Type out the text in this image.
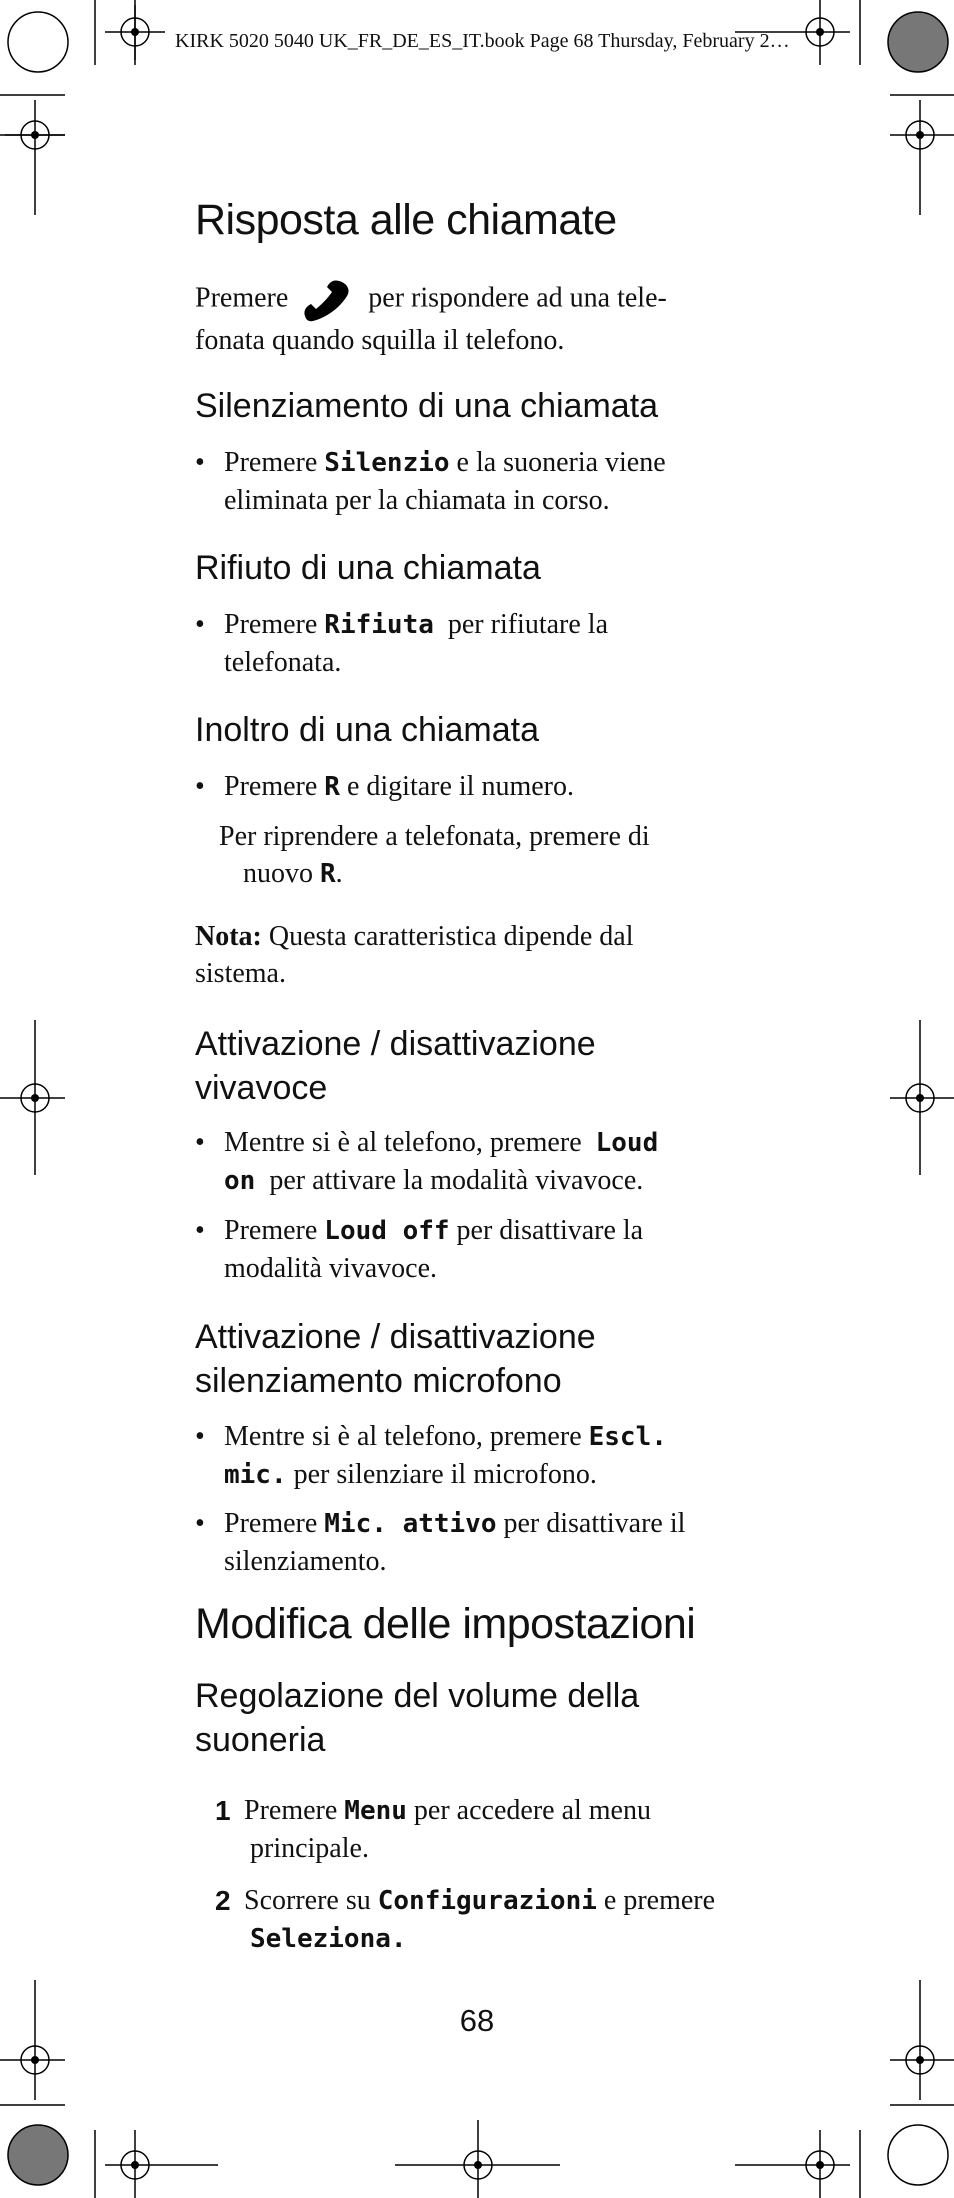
KIRK 5020 5040 UK_FR_DE_ES_IT.book Page 68 Thursday, February 2…
Risposta alle chiamate

Premere	per rispondere ad una tele-
fonata quando squilla il telefono.

Silenziamento di una chiamata
• Premere Silenzio e la suoneria viene
eliminata per la chiamata in corso.
Rifiuto di una chiamata
• Premere Rifiuta per rifiutare la
telefonata.
Inoltro di una chiamata
• Premere R e digitare il numero.

Per riprendere a telefonata, premere di
nuovo R.

Nota: Questa caratteristica dipende dal
sistema.

Attivazione / disattivazione
vivavoce
• Mentre si è al telefono, premere Loud
on per attivare la modalità vivavoce.
• Premere Loud off per disattivare la
modalità vivavoce.
Attivazione / disattivazione
silenziamento microfono
• Mentre si è al telefono, premere Escl.
mic. per silenziare il microfono.
• Premere Mic. attivo per disattivare il
silenziamento.
Modifica delle impostazioni
Regolazione del volume della
suoneria
1 Premere Menu per accedere al menu
principale.
2 Scorrere su Configurazioni e premere
Seleziona.
68
